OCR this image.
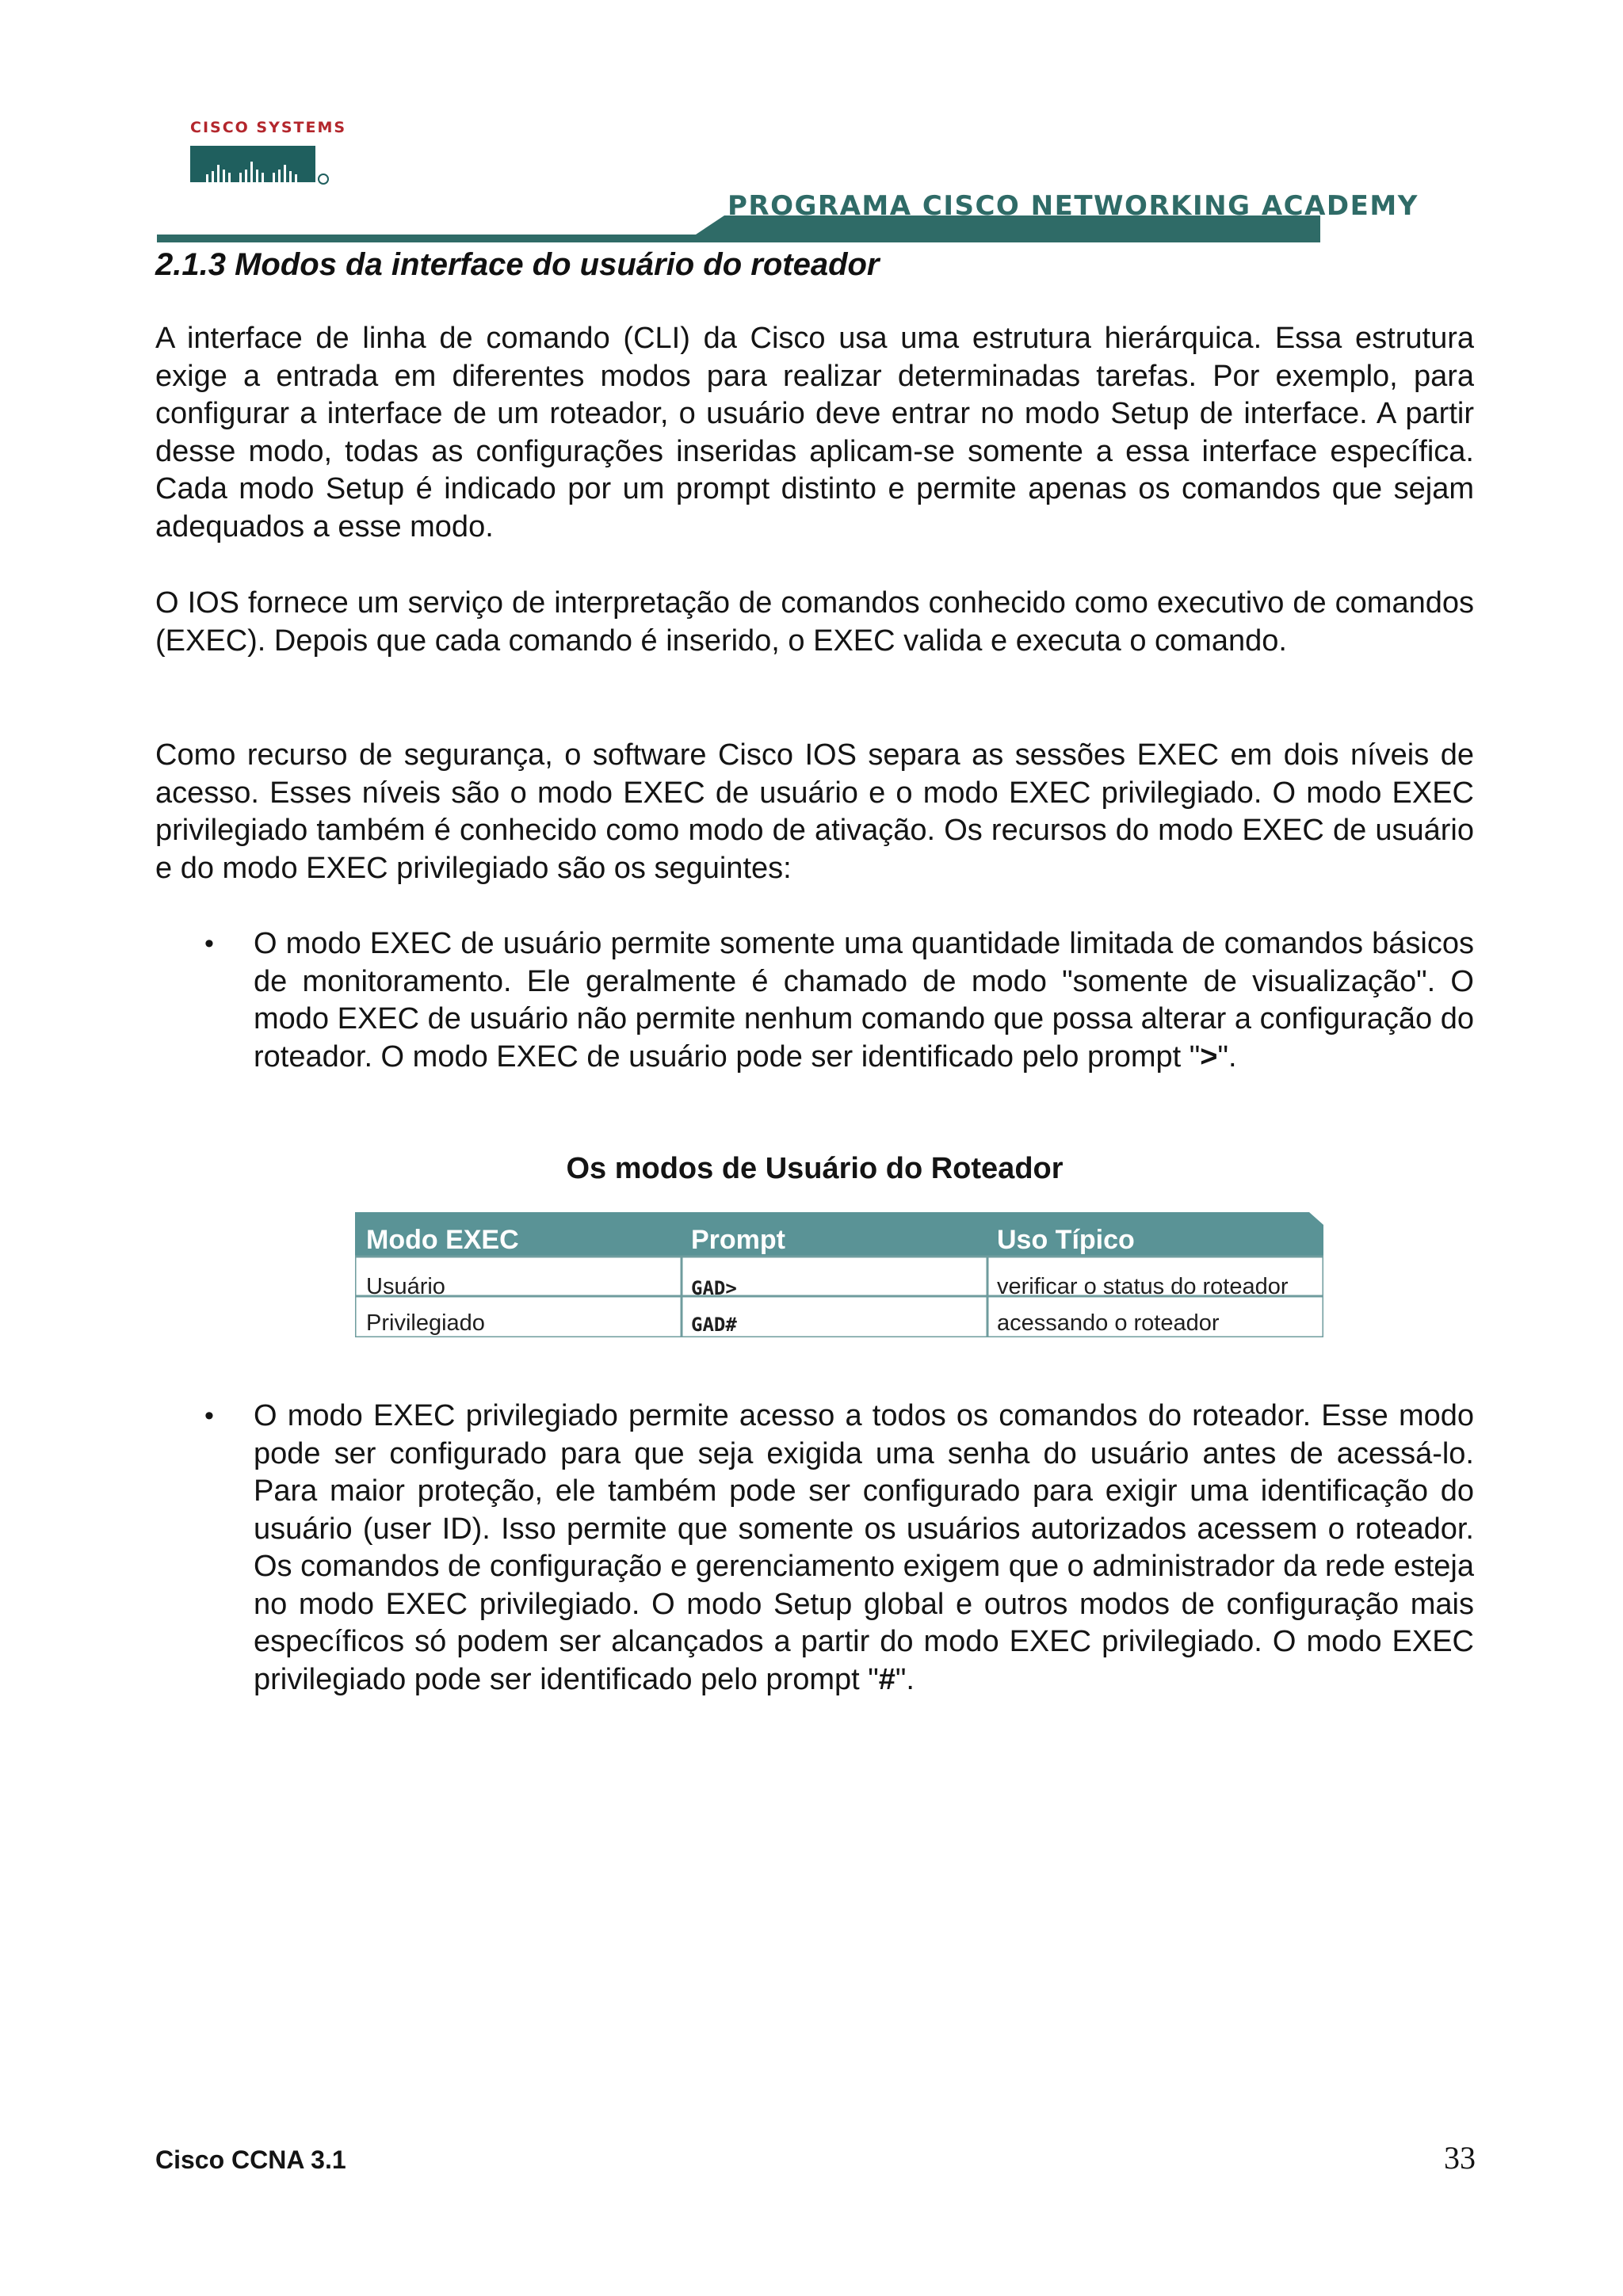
CISCO SYSTEMS
PROGRAMA CISCO NETWORKING ACADEMY
2.1.3 Modos da interface do usuário do roteador

A interface de linha de comando (CLI) da Cisco usa uma estrutura hierárquica. Essa estrutura exige a entrada em diferentes modos para realizar determinadas tarefas. Por exemplo, para configurar a interface de um roteador, o usuário deve entrar no modo Setup de interface. A partir desse modo, todas as configurações inseridas aplicam-se somente a essa interface específica. Cada modo Setup é indicado por um prompt distinto e permite apenas os comandos que sejam adequados a esse modo.

O IOS fornece um serviço de interpretação de comandos conhecido como executivo de comandos (EXEC). Depois que cada comando é inserido, o EXEC valida e executa o comando.

Como recurso de segurança, o software Cisco IOS separa as sessões EXEC em dois níveis de acesso. Esses níveis são o modo EXEC de usuário e o modo EXEC privilegiado. O modo EXEC privilegiado também é conhecido como modo de ativação. Os recursos do modo EXEC de usuário e do modo EXEC privilegiado são os seguintes:

• O modo EXEC de usuário permite somente uma quantidade limitada de comandos básicos de monitoramento. Ele geralmente é chamado de modo "somente de visualização". O modo EXEC de usuário não permite nenhum comando que possa alterar a configuração do roteador. O modo EXEC de usuário pode ser identificado pelo prompt ">".

Os modos de Usuário do Roteador
Modo EXEC	Prompt	Uso Típico
Usuário	GAD>	verificar o status do roteador
Privilegiado	GAD#	acessando o roteador
• O modo EXEC privilegiado permite acesso a todos os comandos do roteador. Esse modo pode ser configurado para que seja exigida uma senha do usuário antes de acessá-lo. Para maior proteção, ele também pode ser configurado para exigir uma identificação do usuário (user ID). Isso permite que somente os usuários autorizados acessem o roteador. Os comandos de configuração e gerenciamento exigem que o administrador da rede esteja no modo EXEC privilegiado. O modo Setup global e outros modos de configuração mais específicos só podem ser alcançados a partir do modo EXEC privilegiado. O modo EXEC privilegiado pode ser identificado pelo prompt "#".

Cisco CCNA 3.1	33
